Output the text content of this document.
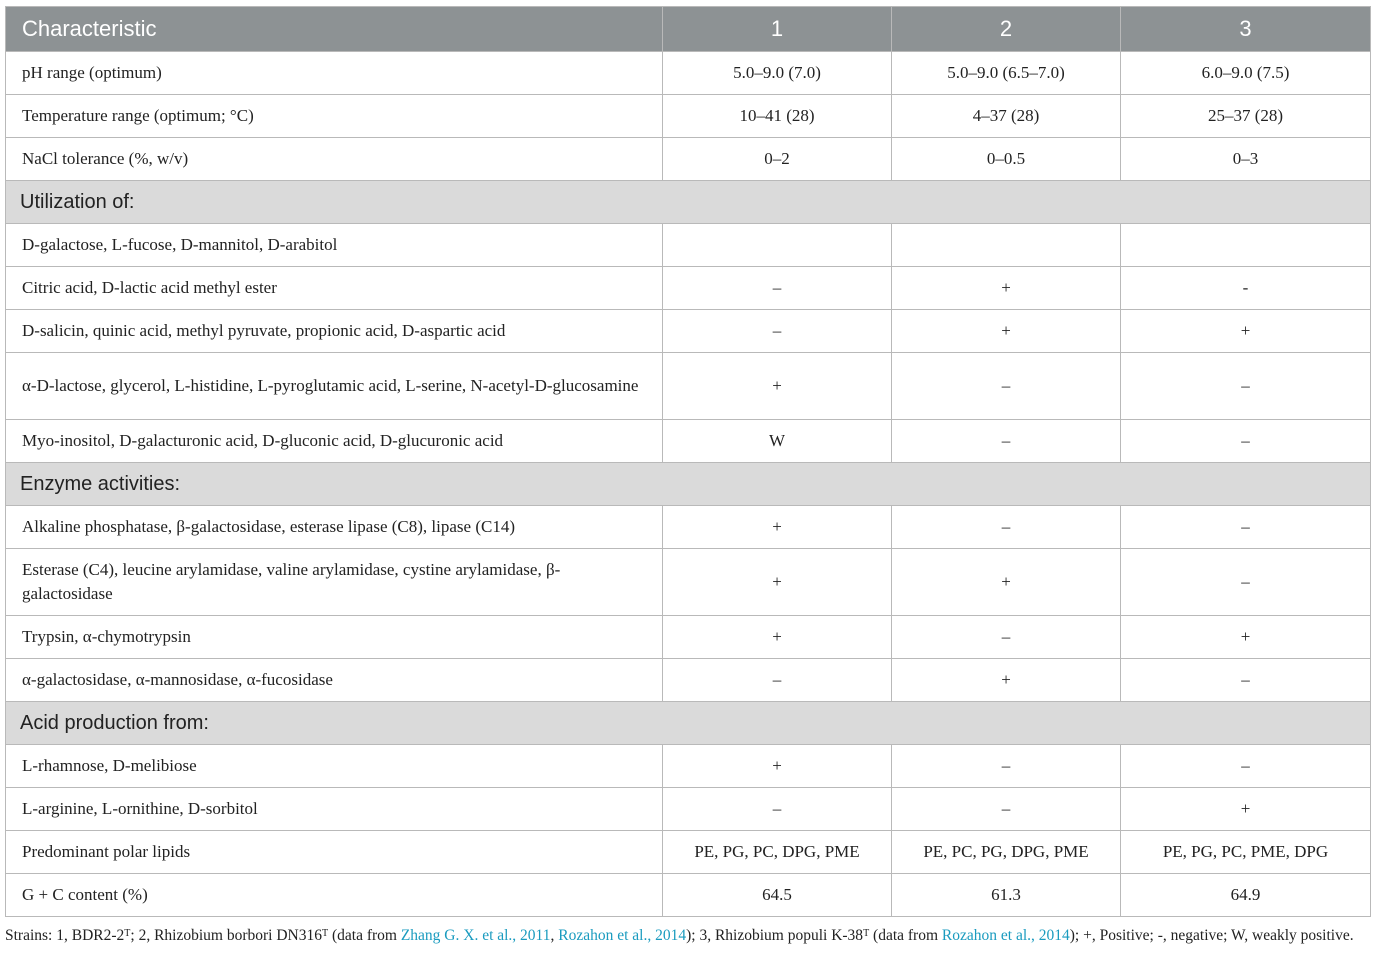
Characteristic	1	2	3
pH range (optimum)	5.0–9.0 (7.0)	5.0–9.0 (6.5–7.0)	6.0–9.0 (7.5)
Temperature range (optimum; °C)	10–41 (28)	4–37 (28)	25–37 (28)
NaCl tolerance (%, w/v)	0–2	0–0.5	0–3
Utilization of:			
D-galactose, L-fucose, D-mannitol, D-arabitol			
Citric acid, D-lactic acid methyl ester	–	+	-
D-salicin, quinic acid, methyl pyruvate, propionic acid, D-aspartic acid	–	+	+
α-D-lactose, glycerol, L-histidine, L-pyroglutamic acid, L-serine, N-acetyl-D-glucosamine	+	–	–
Myo-inositol, D-galacturonic acid, D-gluconic acid, D-glucuronic acid	W	–	–
Enzyme activities:			
Alkaline phosphatase, β-galactosidase, esterase lipase (C8), lipase (C14)	+	–	–
Esterase (C4), leucine arylamidase, valine arylamidase, cystine arylamidase, β-galactosidase	+	+	–
Trypsin, α-chymotrypsin	+	–	+
α-galactosidase, α-mannosidase, α-fucosidase	–	+	–
Acid production from:			
L-rhamnose, D-melibiose	+	–	–
L-arginine, L-ornithine, D-sorbitol	–	–	+
Predominant polar lipids	PE, PG, PC, DPG, PME	PE, PC, PG, DPG, PME	PE, PG, PC, PME, DPG
G + C content (%)	64.5	61.3	64.9
Strains: 1, $BDR2-2^T$; 2, Rhizobium borbori $DN316^T$ (data from Zhang G. X. et al., 2011, Rozahon et al., 2014); 3, Rhizobium populi $K-38^T$ (data from Rozahon et al., 2014); +, Positive; -, negative; W, weakly positive.
